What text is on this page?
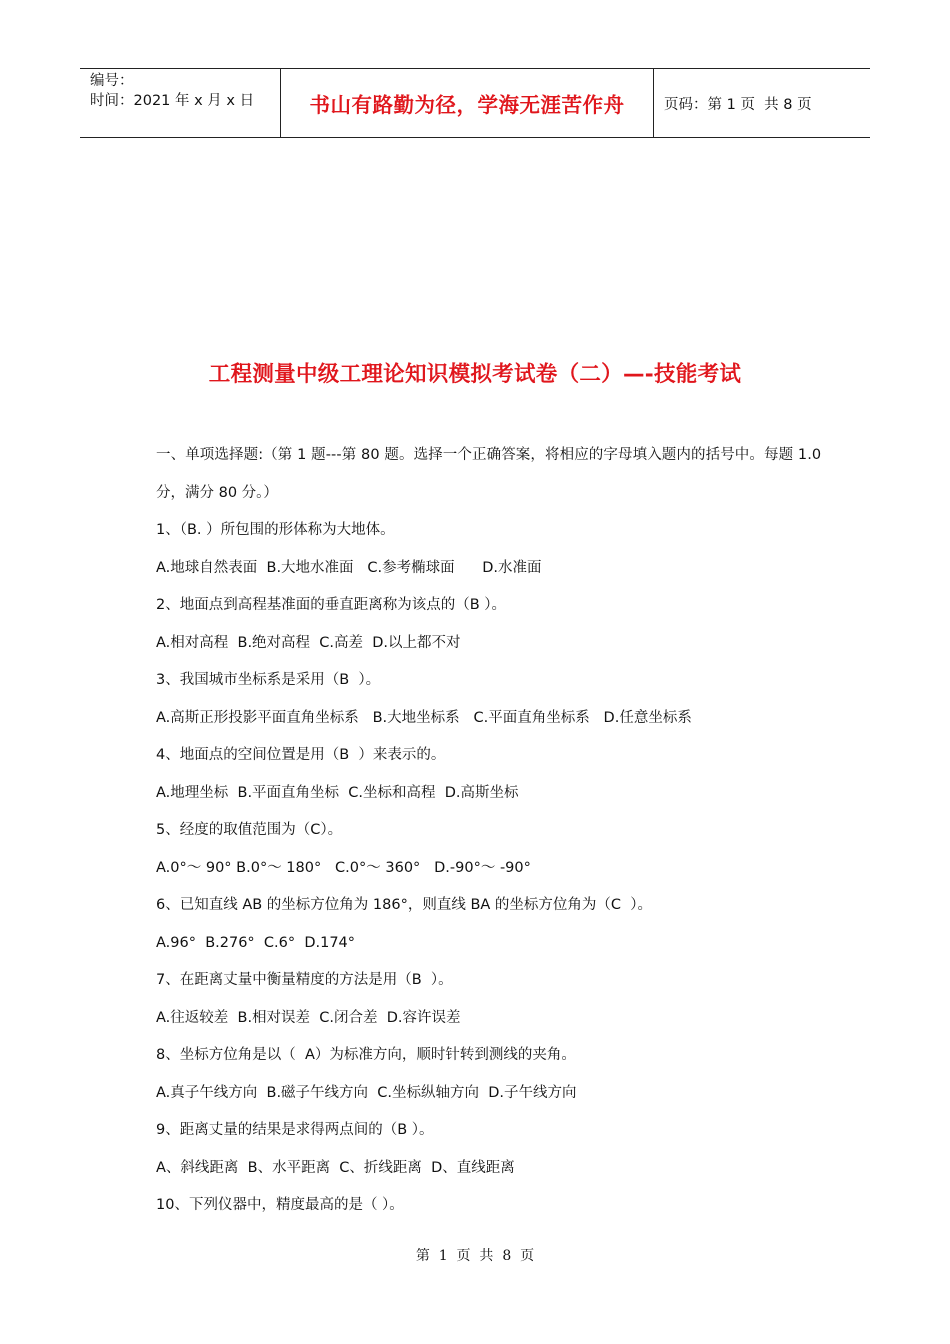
编号：
时间：2021 年 x 月 x 日	书山有路勤为径，学海无涯苦作舟	页码：第 1 页  共 8 页
工程测量中级工理论知识模拟考试卷（二）—-技能考试
一、单项选择题:（第 1 题---第 80 题。选择一个正确答案，将相应的字母填入题内的括号中。每题 1.0
分，满分 80 分。）
1、（B. ）所包围的形体称为大地体。
A.地球自然表面  B.大地水准面   C.参考椭球面      D.水准面
2、地面点到高程基准面的垂直距离称为该点的（B ）。
A.相对高程  B.绝对高程  C.高差  D.以上都不对
3、我国城市坐标系是采用（B  ）。
A.高斯正形投影平面直角坐标系   B.大地坐标系   C.平面直角坐标系   D.任意坐标系
4、地面点的空间位置是用（B  ）来表示的。
A.地理坐标  B.平面直角坐标  C.坐标和高程  D.高斯坐标
5、经度的取值范围为（C）。
A.0°～ 90° B.0°～ 180°   C.0°～ 360°   D.-90°～ -90°
6、已知直线 AB 的坐标方位角为 186°，则直线 BA 的坐标方位角为（C  ）。
A.96°  B.276°  C.6°  D.174°
7、在距离丈量中衡量精度的方法是用（B  ）。
A.往返较差  B.相对误差  C.闭合差  D.容许误差
8、坐标方位角是以（  A）为标准方向，顺时针转到测线的夹角。
A.真子午线方向  B.磁子午线方向  C.坐标纵轴方向  D.子午线方向
9、距离丈量的结果是求得两点间的（B ）。
A、斜线距离  B、水平距离  C、折线距离  D、直线距离
10、下列仪器中，精度最高的是（ ）。
第  1  页  共  8  页
